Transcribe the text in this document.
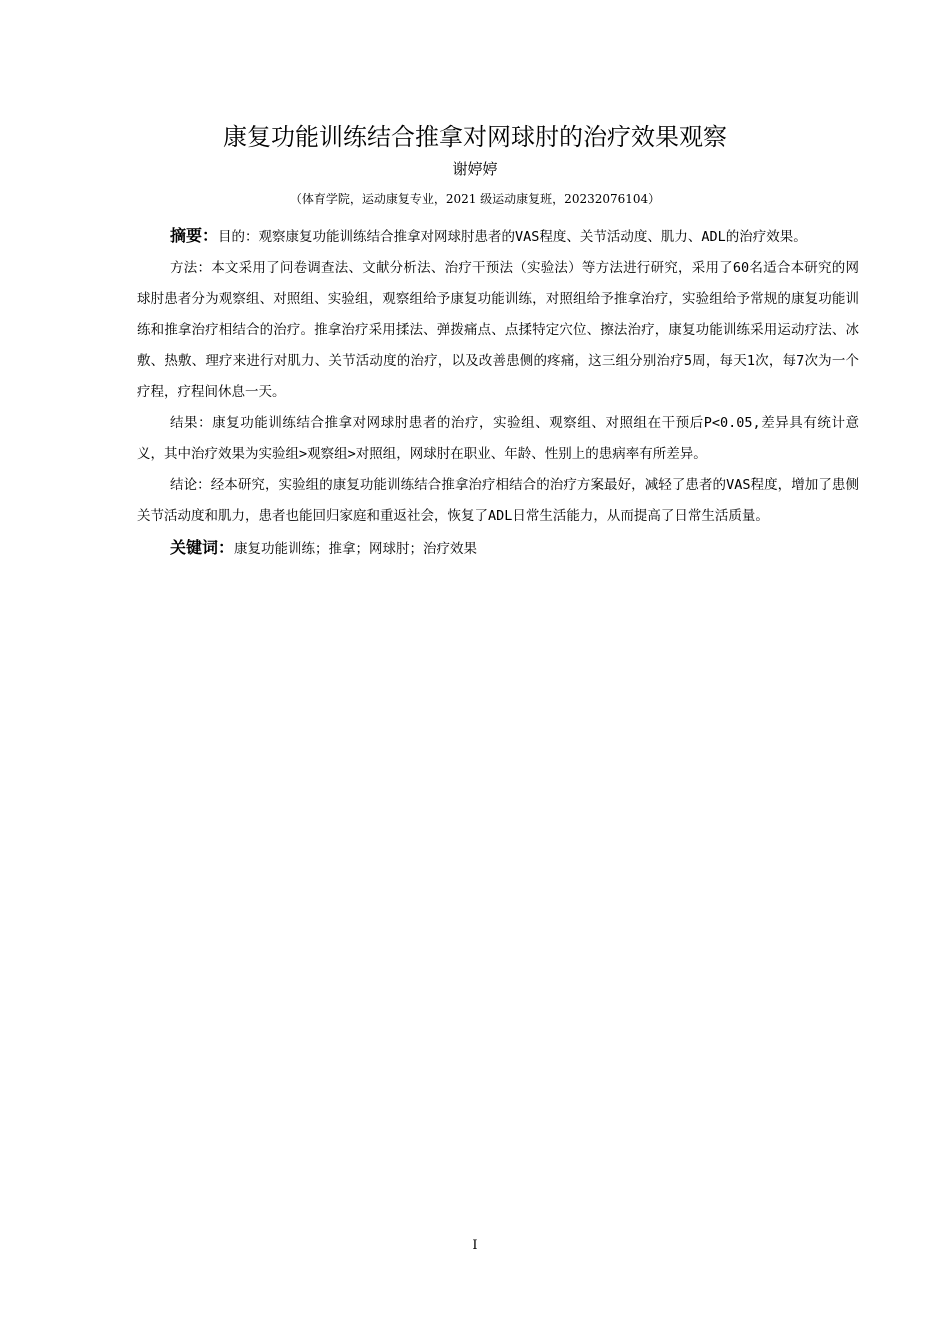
康复功能训练结合推拿对网球肘的治疗效果观察
谢婷婷
（体育学院，运动康复专业，2021 级运动康复班，20232076104）

摘要：目的：观察康复功能训练结合推拿对网球肘患者的VAS程度、关节活动度、肌力、ADL的治疗效果。

方法：本文采用了问卷调查法、文献分析法、治疗干预法（实验法）等方法进行研究，采用了60名适合本研究的网球肘患者分为观察组、对照组、实验组，观察组给予康复功能训练，对照组给予推拿治疗，实验组给予常规的康复功能训练和推拿治疗相结合的治疗。推拿治疗采用揉法、弹拨痛点、点揉特定穴位、擦法治疗，康复功能训练采用运动疗法、冰敷、热敷、理疗来进行对肌力、关节活动度的治疗，以及改善患侧的疼痛，这三组分别治疗5周，每天1次，每7次为一个疗程，疗程间休息一天。

结果：康复功能训练结合推拿对网球肘患者的治疗，实验组、观察组、对照组在干预后P<0.05,差异具有统计意义，其中治疗效果为实验组>观察组>对照组，网球肘在职业、年龄、性别上的患病率有所差异。

结论：经本研究，实验组的康复功能训练结合推拿治疗相结合的治疗方案最好，减轻了患者的VAS程度，增加了患侧关节活动度和肌力，患者也能回归家庭和重返社会，恢复了ADL日常生活能力，从而提高了日常生活质量。

关键词：康复功能训练；推拿；网球肘；治疗效果

I
